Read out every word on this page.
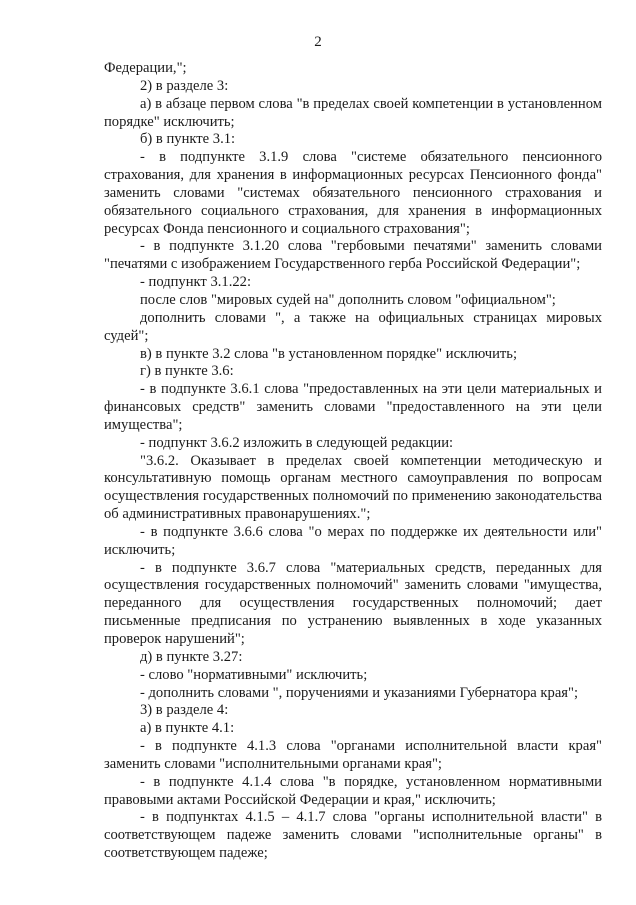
2

Федерации,";

2) в разделе 3:

а) в абзаце первом слова "в пределах своей компетенции в установленном порядке" исключить;

б) в пункте 3.1:

- в подпункте 3.1.9 слова "системе обязательного пенсионного страхования, для хранения в информационных ресурсах Пенсионного фонда" заменить словами "системах обязательного пенсионного страхования и обязательного социального страхования, для хранения в информационных ресурсах Фонда пенсионного и социального страхования";

- в подпункте 3.1.20 слова "гербовыми печатями" заменить словами "печатями с изображением Государственного герба Российской Федерации";

- подпункт 3.1.22:

после слов "мировых судей на" дополнить словом "официальном";

дополнить словами ", а также на официальных страницах мировых судей";

в) в пункте 3.2 слова "в установленном порядке" исключить;

г) в пункте 3.6:

- в подпункте 3.6.1 слова "предоставленных на эти цели материальных и финансовых средств" заменить словами "предоставленного на эти цели имущества";

- подпункт 3.6.2 изложить в следующей редакции:

"3.6.2. Оказывает в пределах своей компетенции методическую и консультативную помощь органам местного самоуправления по вопросам осуществления государственных полномочий по применению законодательства об административных правонарушениях.";

- в подпункте 3.6.6 слова "о мерах по поддержке их деятельности или" исключить;

- в подпункте 3.6.7 слова "материальных средств, переданных для осуществления государственных полномочий" заменить словами "имущества, переданного для осуществления государственных полномочий; дает письменные предписания по устранению выявленных в ходе указанных проверок нарушений";

д) в пункте 3.27:

- слово "нормативными" исключить;

- дополнить словами ", поручениями и указаниями Губернатора края";

3) в разделе 4:

а) в пункте 4.1:

- в подпункте 4.1.3 слова "органами исполнительной власти края" заменить словами "исполнительными органами края";

- в подпункте 4.1.4 слова "в порядке, установленном нормативными правовыми актами Российской Федерации и края," исключить;

- в подпунктах 4.1.5 – 4.1.7 слова "органы исполнительной власти" в соответствующем падеже заменить словами "исполнительные органы" в соответствующем падеже;
